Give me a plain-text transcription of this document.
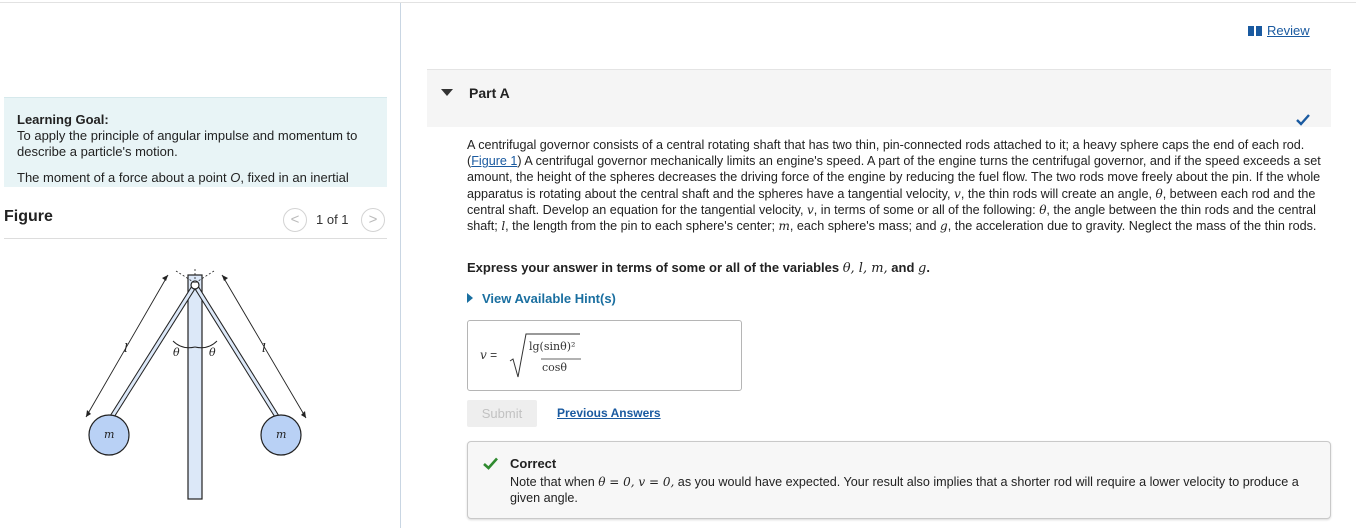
Learning Goal:

To apply the principle of angular impulse and momentum to describe a particle's motion.

The moment of a force about a point O, fixed in an inertial

Figure	<	1 of 1	>
l	l
θ	θ
m	m
Review
Part A
A centrifugal governor consists of a central rotating shaft that has two thin, pin-connected rods attached to it; a heavy sphere caps the end of each rod. (Figure 1) A centrifugal governor mechanically limits an engine's speed. A part of the engine turns the centrifugal governor, and if the speed exceeds a set amount, the height of the spheres decreases the driving force of the engine by reducing the fuel flow. The two rods move freely about the pin. If the whole apparatus is rotating about the central shaft and the spheres have a tangential velocity, v, the thin rods will create an angle, θ, between each rod and the central shaft. Develop an equation for the tangential velocity, v, in terms of some or all of the following: θ, the angle between the thin rods and the central shaft; l, the length from the pin to each sphere's center; m, each sphere's mass; and g, the acceleration due to gravity. Neglect the mass of the thin rods.
Express your answer in terms of some or all of the variables θ, l, m, and g.
View Available Hint(s)
v =
lg(sinθ)²
cosθ
Submit	Previous Answers
Correct
Note that when θ = 0, v = 0, as you would have expected. Your result also implies that a shorter rod will require a lower velocity to produce a given angle.
